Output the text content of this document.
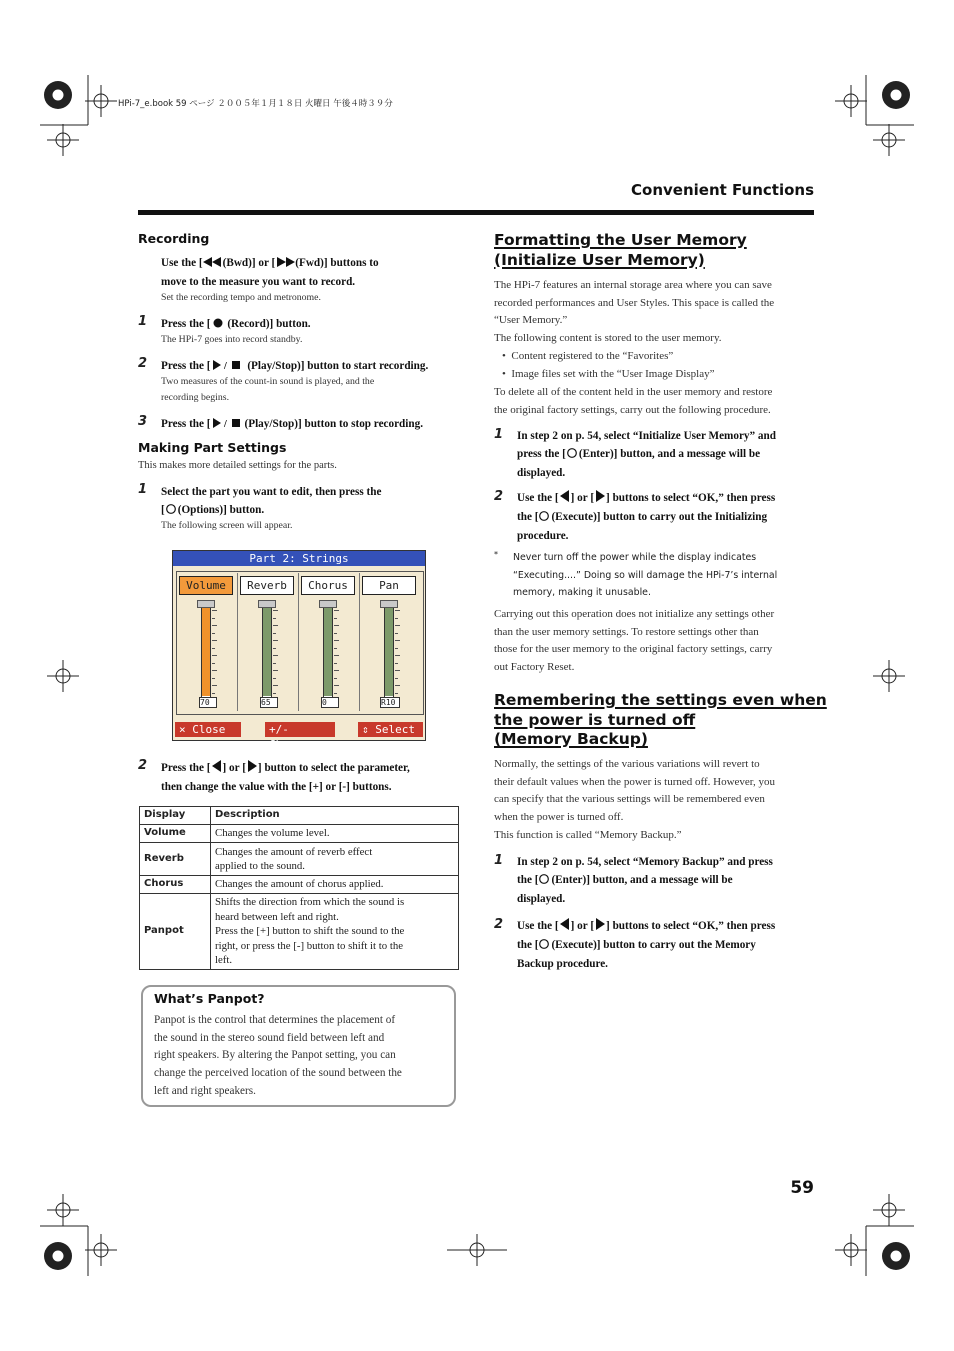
HPi-7_e.book 59 ページ ２００５年１月１８日 火曜日 午後４時３９分
Convenient Functions
Recording
Use the [ (Bwd)] or [ (Fwd)] buttons to
move to the measure you want to record.
Set the recording tempo and metronome.
1 Press the [ (Record)] button.
The HPi-7 goes into record standby.
2 Press the [ / (Play/Stop)] button to start recording.
Two measures of the count-in sound is played, and the
recording begins.
3 Press the [ / (Play/Stop)] button to stop recording.
Making Part Settings
This makes more detailed settings for the parts.
1 Select the part you want to edit, then press the
[ (Options)] button.
The following screen will appear.
Part 2: Strings
Volume	Reverb	Chorus	Pan
70	65	0	R10
× Close	+/- Change
⇕ Select
2 Press the [ ] or [ ] button to select the parameter,
then change the value with the [+] or [-] buttons.
Display	Description
Volume	Changes the volume level.
Reverb	Changes the amount of reverb effect
applied to the sound.
Chorus	Changes the amount of chorus applied.
Panpot	Shifts the direction from which the sound is
heard between left and right.
Press the [+] button to shift the sound to the
right, or press the [-] button to shift it to the
left.
What’s Panpot?
Panpot is the control that determines the placement of
the sound in the stereo sound field between left and
right speakers. By altering the Panpot setting, you can
change the perceived location of the sound between the
left and right speakers.
Formatting the User Memory
(Initialize User Memory)
The HPi-7 features an internal storage area where you can save
recorded performances and User Styles. This space is called the
“User Memory.”
The following content is stored to the user memory.
•  Content registered to the “Favorites”
•  Image files set with the “User Image Display”
To delete all of the content held in the user memory and restore
the original factory settings, carry out the following procedure.
1 In step 2 on p. 54, select “Initialize User Memory” and
press the [ (Enter)] button, and a message will be
displayed.
2 Use the [ ] or [ ] buttons to select “OK,” then press
the [ (Execute)] button to carry out the Initializing
procedure.
* Never turn off the power while the display indicates
“Executing....” Doing so will damage the HPi-7’s internal
memory, making it unusable.
Carrying out this operation does not initialize any settings other
than the user memory settings. To restore settings other than
those for the user memory to the original factory settings, carry
out Factory Reset.
Remembering the settings even when
the power is turned off
(Memory Backup)
Normally, the settings of the various variations will revert to
their default values when the power is turned off. However, you
can specify that the various settings will be remembered even
when the power is turned off.
This function is called “Memory Backup.”
1 In step 2 on p. 54, select “Memory Backup” and press
the [ (Enter)] button, and a message will be
displayed.
2 Use the [ ] or [ ] buttons to select “OK,” then press
the [ (Execute)] button to carry out the Memory
Backup procedure.
59
